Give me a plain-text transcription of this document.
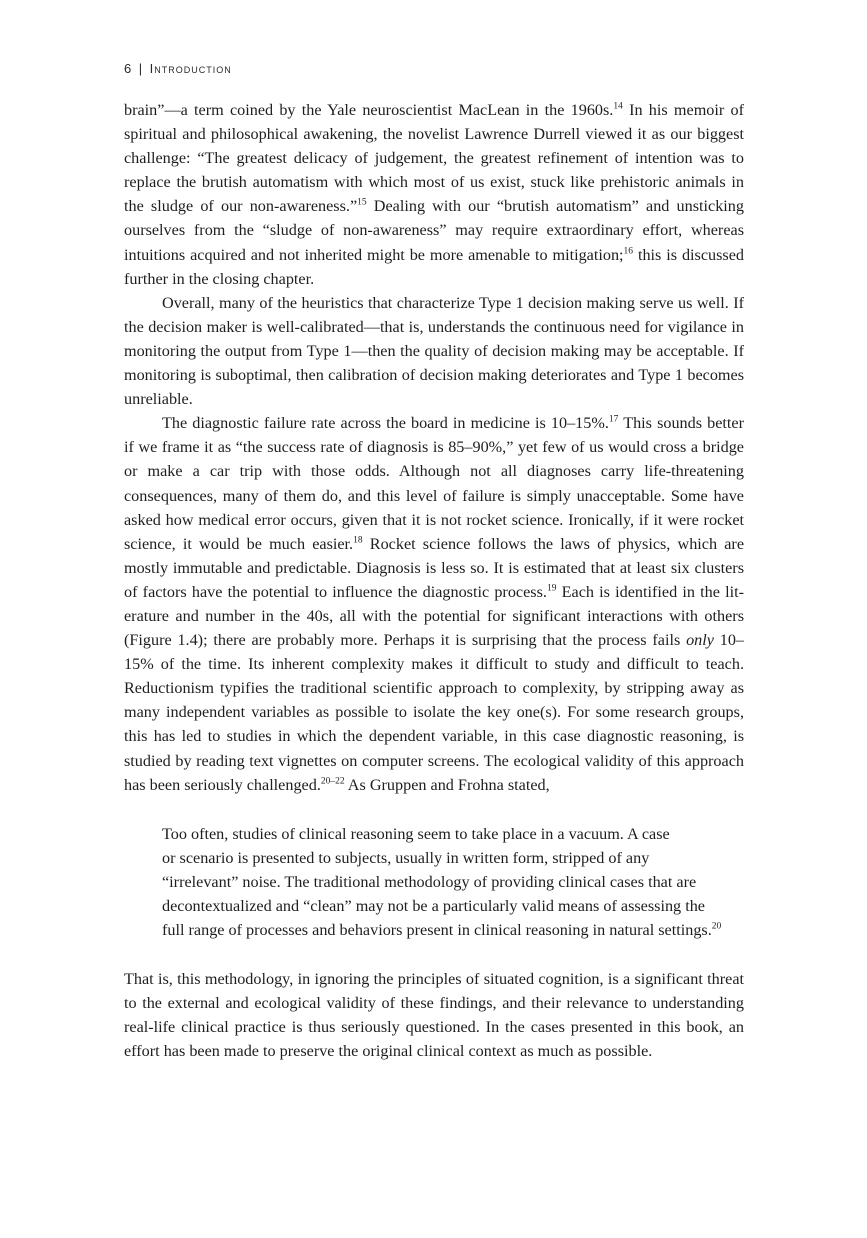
6 | Introduction

brain”—a term coined by the Yale neuroscientist MacLean in the 1960s.$^{14}$ In his memoir of spiritual and philosophical awakening, the novelist Lawrence Durrell viewed it as our biggest challenge: “The greatest delicacy of judgement, the greatest refinement of intention was to replace the brutish automatism with which most of us exist, stuck like prehistoric animals in the sludge of our non-awareness.”$^{15}$ Dealing with our “brutish automatism” and unsticking ourselves from the “sludge of non-awareness” may require extraordinary effort, whereas intuitions acquired and not inherited might be more amenable to mitigation;$^{16}$ this is discussed further in the closing chapter.

Overall, many of the heuristics that characterize Type 1 decision making serve us well. If the decision maker is well-calibrated—that is, understands the continuous need for vigilance in monitoring the output from Type 1—then the quality of decision making may be acceptable. If monitoring is suboptimal, then calibration of decision making deteriorates and Type 1 becomes unreliable.

The diagnostic failure rate across the board in medicine is 10–15%.$^{17}$ This sounds better if we frame it as “the success rate of diagnosis is 85–90%,” yet few of us would cross a bridge or make a car trip with those odds. Although not all diagnoses carry life-threatening consequences, many of them do, and this level of failure is simply unacceptable. Some have asked how medical error occurs, given that it is not rocket science. Ironically, if it were rocket science, it would be much easier.$^{18}$ Rocket science follows the laws of physics, which are mostly immutable and predictable. Diagnosis is less so. It is estimated that at least six clusters of factors have the potential to influence the diagnostic process.$^{19}$ Each is identified in the literature and number in the 40s, all with the potential for significant interactions with others (Figure 1.4); there are probably more. Perhaps it is surprising that the process fails only 10– 15% of the time. Its inherent complexity makes it difficult to study and difficult to teach. Reductionism typifies the traditional scientific approach to complexity, by stripping away as many independent variables as possible to isolate the key one(s). For some research groups, this has led to studies in which the dependent variable, in this case diagnostic reasoning, is studied by reading text vignettes on computer screens. The ecological validity of this approach has been seriously challenged.$^{20-22}$ As Gruppen and Frohna stated,

Too often, studies of clinical reasoning seem to take place in a vacuum. A case
or scenario is presented to subjects, usually in written form, stripped of any
“irrelevant” noise. The traditional methodology of providing clinical cases that are
decontextualized and “clean” may not be a particularly valid means of assessing the
full range of processes and behaviors present in clinical reasoning in natural settings.$^{20}$

That is, this methodology, in ignoring the principles of situated cognition, is a significant threat to the external and ecological validity of these findings, and their relevance to understanding real-life clinical practice is thus seriously questioned. In the cases presented in this book, an effort has been made to preserve the original clinical context as much as possible.
